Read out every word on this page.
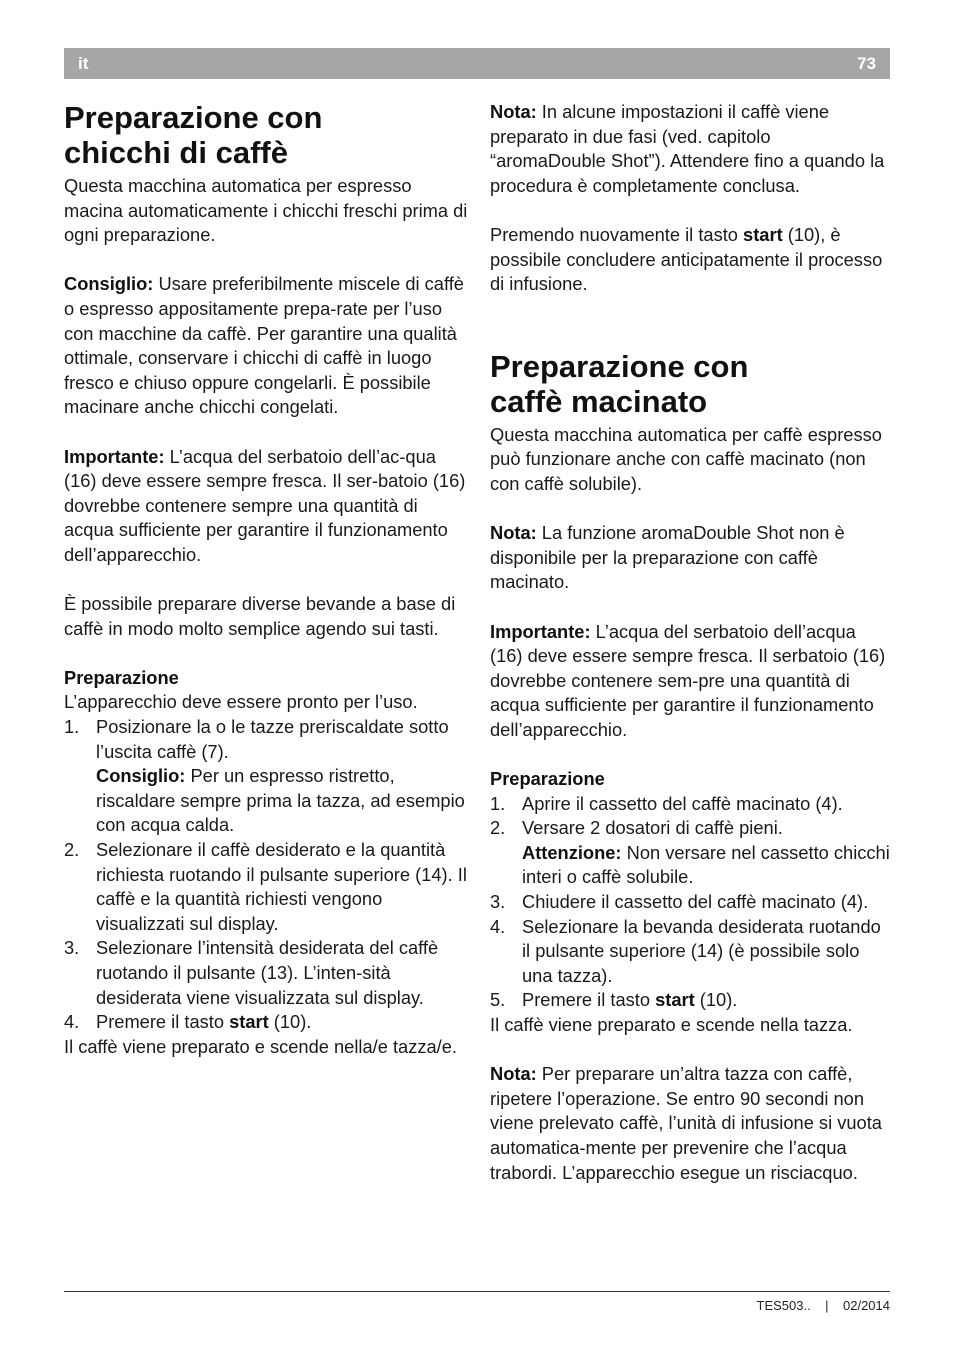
it	73
Preparazione con
chicchi di caffè

Questa macchina automatica per espresso macina automaticamente i chicchi freschi prima di ogni preparazione.

Consiglio: Usare preferibilmente miscele di caffè o espresso appositamente prepa-rate per l’uso con macchine da caffè. Per garantire una qualità ottimale, conservare i chicchi di caffè in luogo fresco e chiuso oppure congelarli. È possibile macinare anche chicchi congelati.

Importante: L’acqua del serbatoio dell’ac-qua (16) deve essere sempre fresca. Il ser-batoio (16) dovrebbe contenere sempre una quantità di acqua sufficiente per garantire il funzionamento dell’apparecchio.

È possibile preparare diverse bevande a base di caffè in modo molto semplice agendo sui tasti.

Preparazione

L’apparecchio deve essere pronto per l’uso.

1. Posizionare la o le tazze preriscaldate sotto l’uscita caffè (7).
Consiglio: Per un espresso ristretto, riscaldare sempre prima la tazza, ad esempio con acqua calda.
2. Selezionare il caffè desiderato e la quantità richiesta ruotando il pulsante superiore (14). Il caffè e la quantità richiesti vengono visualizzati sul display.
3. Selezionare l’intensità desiderata del caffè ruotando il pulsante (13). L’inten-sità desiderata viene visualizzata sul display.
4. Premere il tasto start (10).

Il caffè viene preparato e scende nella/e tazza/e.

Nota: In alcune impostazioni il caffè viene preparato in due fasi (ved. capitolo “aromaDouble Shot”). Attendere fino a quando la procedura è completamente conclusa.

Premendo nuovamente il tasto start (10), è possibile concludere anticipatamente il processo di infusione.

Preparazione con
caffè macinato

Questa macchina automatica per caffè espresso può funzionare anche con caffè macinato (non con caffè solubile).

Nota: La funzione aromaDouble Shot non è disponibile per la preparazione con caffè macinato.

Importante: L’acqua del serbatoio dell’acqua (16) deve essere sempre fresca. Il serbatoio (16) dovrebbe contenere sem-pre una quantità di acqua sufficiente per garantire il funzionamento dell’apparecchio.

Preparazione

1. Aprire il cassetto del caffè macinato (4).
2. Versare 2 dosatori di caffè pieni.
Attenzione: Non versare nel cassetto chicchi interi o caffè solubile.
3. Chiudere il cassetto del caffè macinato (4).
4. Selezionare la bevanda desiderata ruotando il pulsante superiore (14) (è possibile solo una tazza).
5. Premere il tasto start (10).

Il caffè viene preparato e scende nella tazza.

Nota: Per preparare un’altra tazza con caffè, ripetere l’operazione. Se entro 90 secondi non viene prelevato caffè, l’unità di infusione si vuota automatica-mente per prevenire che l’acqua trabordi. L’apparecchio esegue un risciacquo.

TES503.. | 02/2014
